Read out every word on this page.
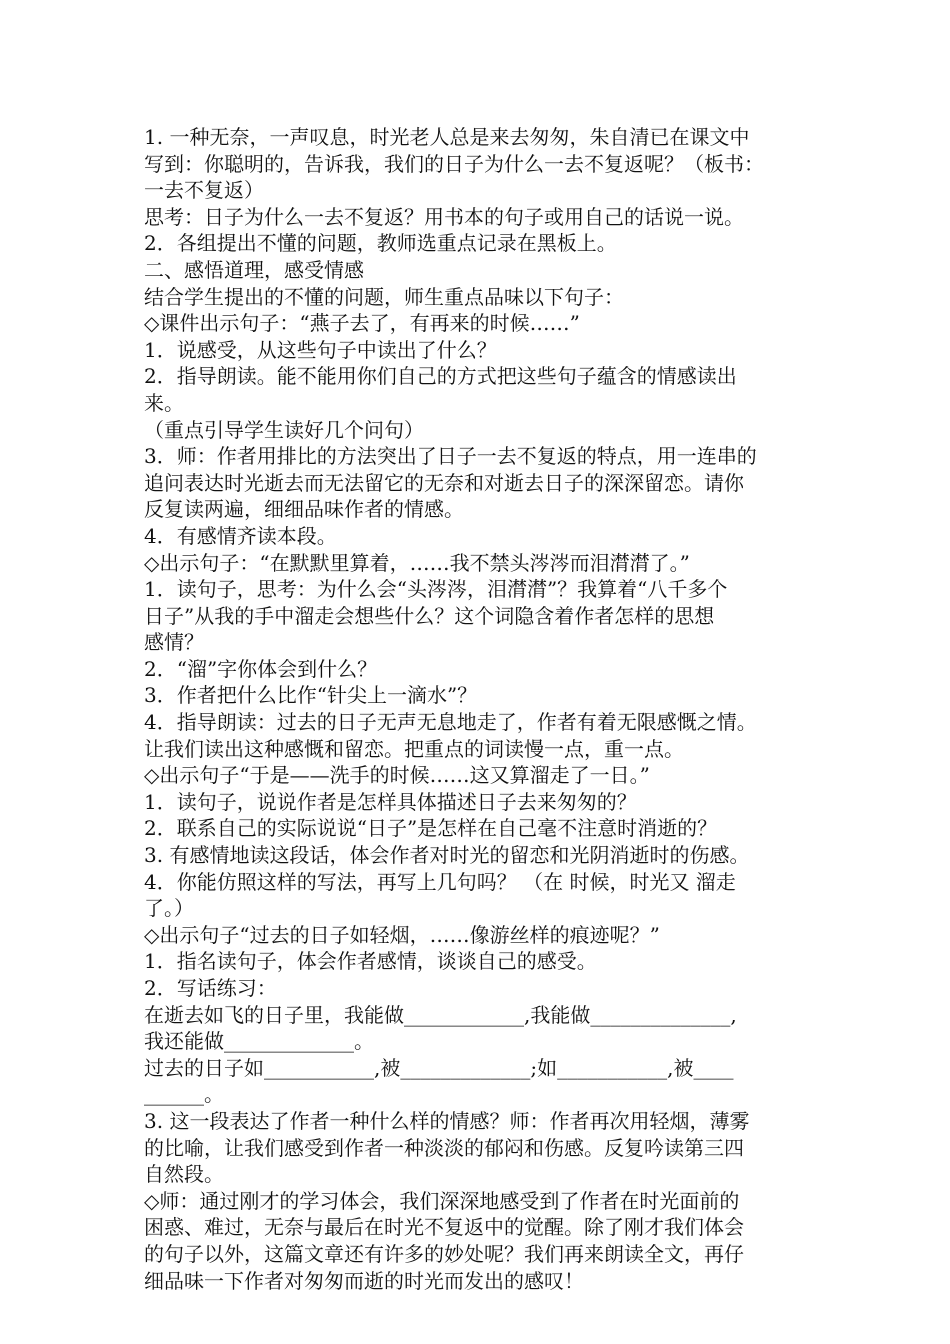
1. 一种无奈，一声叹息，时光老人总是来去匆匆，朱自清已在课文中
写到：你聪明的，告诉我，我们的日子为什么一去不复返呢？（板书：
一去不复返）
思考：日子为什么一去不复返？用书本的句子或用自己的话说一说。
2．各组提出不懂的问题，教师选重点记录在黑板上。
二、感悟道理，感受情感
结合学生提出的不懂的问题，师生重点品味以下句子：
◇课件出示句子：“燕子去了，有再来的时候……”
1．说感受，从这些句子中读出了什么？
2．指导朗读。能不能用你们自己的方式把这些句子蕴含的情感读出
来。
（重点引导学生读好几个问句）
3．师：作者用排比的方法突出了日子一去不复返的特点，用一连串的
追问表达时光逝去而无法留它的无奈和对逝去日子的深深留恋。请你
反复读两遍，细细品味作者的情感。
4．有感情齐读本段。
◇出示句子：“在默默里算着，……我不禁头涔涔而泪潸潸了。”
1．读句子，思考：为什么会“头涔涔，泪潸潸”？我算着“八千多个
日子”从我的手中溜走会想些什么？这个词隐含着作者怎样的思想
感情？
2．“溜”字你体会到什么？
3．作者把什么比作“针尖上一滴水”？
4．指导朗读：过去的日子无声无息地走了，作者有着无限感慨之情。
让我们读出这种感慨和留恋。把重点的词读慢一点，重一点。
◇出示句子“于是——洗手的时候……这又算溜走了一日。”
1．读句子，说说作者是怎样具体描述日子去来匆匆的？
2．联系自己的实际说说“日子”是怎样在自己毫不注意时消逝的？
3. 有感情地读这段话，体会作者对时光的留恋和光阴消逝时的伤感。
4．你能仿照这样的写法，再写上几句吗？ （在 时候，时光又 溜走
了。）
◇出示句子“过去的日子如轻烟，……像游丝样的痕迹呢？”
1．指名读句子，体会作者感情，谈谈自己的感受。
2．写话练习：
在逝去如飞的日子里，我能做____________,我能做______________,
我还能做_____________。
过去的日子如___________,被_____________;如___________,被____
______。
3. 这一段表达了作者一种什么样的情感？师：作者再次用轻烟，薄雾
的比喻，让我们感受到作者一种淡淡的郁闷和伤感。反复吟读第三四
自然段。
◇师：通过刚才的学习体会，我们深深地感受到了作者在时光面前的
困惑、难过，无奈与最后在时光不复返中的觉醒。除了刚才我们体会
的句子以外，这篇文章还有许多的妙处呢？我们再来朗读全文，再仔
细品味一下作者对匆匆而逝的时光而发出的感叹！
